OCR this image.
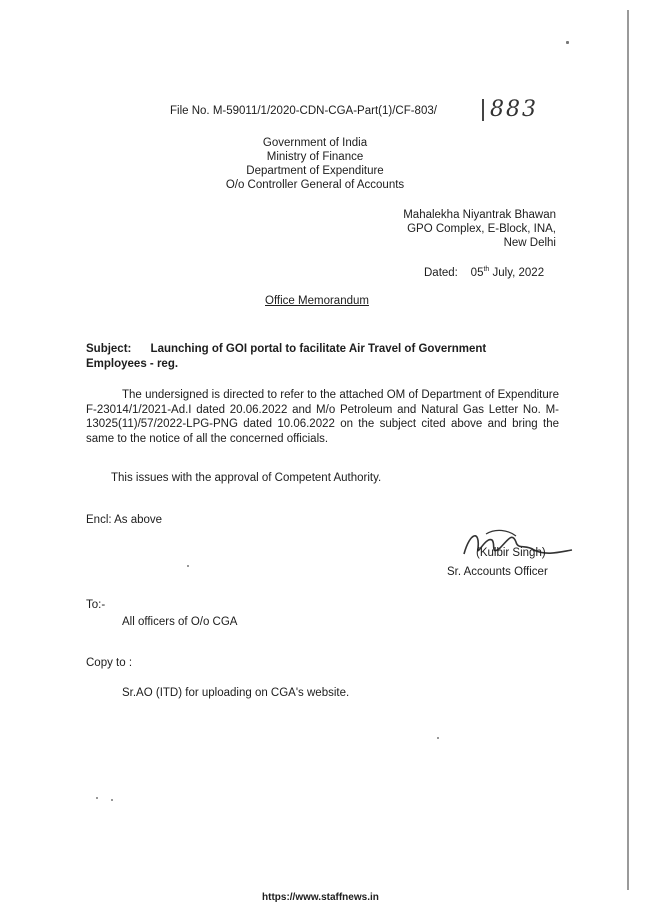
File No. M-59011/1/2020-CDN-CGA-Part(1)/CF-803/ 883
Government of India
Ministry of Finance
Department of Expenditure
O/o Controller General of Accounts
Mahalekha Niyantrak Bhawan
GPO Complex, E-Block, INA,
New Delhi
Dated: 05th July, 2022
Office Memorandum
Subject: Launching of GOI portal to facilitate Air Travel of Government Employees - reg.
The undersigned is directed to refer to the attached OM of Department of Expenditure F-23014/1/2021-Ad.I dated 20.06.2022 and M/o Petroleum and Natural Gas Letter No. M-13025(11)/57/2022-LPG-PNG dated 10.06.2022 on the subject cited above and bring the same to the notice of all the concerned officials.
This issues with the approval of Competent Authority.
Encl: As above
(Kulbir Singh)
Sr. Accounts Officer
To:-
All officers of O/o CGA
Copy to :
Sr.AO (ITD) for uploading on CGA's website.
https://www.staffnews.in
